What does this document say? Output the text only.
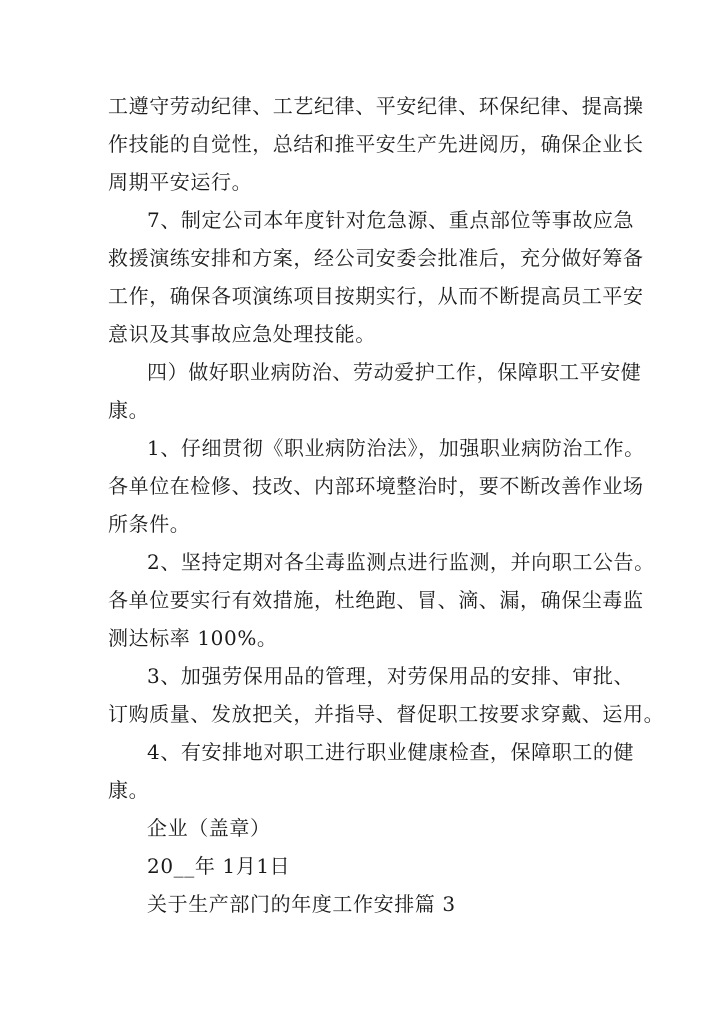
工遵守劳动纪律、工艺纪律、平安纪律、环保纪律、提高操
作技能的自觉性，总结和推平安生产先进阅历，确保企业长
周期平安运行。
7、制定公司本年度针对危急源、重点部位等事故应急
救援演练安排和方案，经公司安委会批准后，充分做好筹备
工作，确保各项演练项目按期实行，从而不断提高员工平安
意识及其事故应急处理技能。
四）做好职业病防治、劳动爱护工作，保障职工平安健
康。
1、仔细贯彻《职业病防治法》，加强职业病防治工作。
各单位在检修、技改、内部环境整治时，要不断改善作业场
所条件。
2、坚持定期对各尘毒监测点进行监测，并向职工公告。
各单位要实行有效措施，杜绝跑、冒、滴、漏，确保尘毒监
测达标率 100%。
3、加强劳保用品的管理，对劳保用品的安排、审批、
订购质量、发放把关，并指导、督促职工按要求穿戴、运用。
4、有安排地对职工进行职业健康检查，保障职工的健
康。
企业（盖章）
20__年 1月1日
关于生产部门的年度工作安排篇 3
